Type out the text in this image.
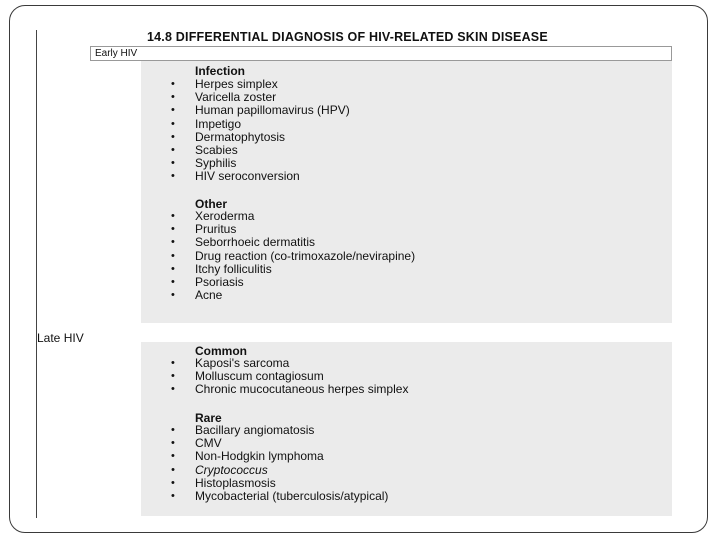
14.8 DIFFERENTIAL DIAGNOSIS OF HIV-RELATED SKIN DISEASE
Early HIV
Infection
• Herpes simplex
• Varicella zoster
• Human papillomavirus (HPV)
• Impetigo
• Dermatophytosis
• Scabies
• Syphilis
• HIV seroconversion
Other
• Xeroderma
• Pruritus
• Seborrhoeic dermatitis
• Drug reaction (co-trimoxazole/nevirapine)
• Itchy folliculitis
• Psoriasis
• Acne
Late HIV
Common
• Kaposi's sarcoma
• Molluscum contagiosum
• Chronic mucocutaneous herpes simplex
Rare
• Bacillary angiomatosis
• CMV
• Non-Hodgkin lymphoma
• Cryptococcus
• Histoplasmosis
• Mycobacterial (tuberculosis/atypical)
